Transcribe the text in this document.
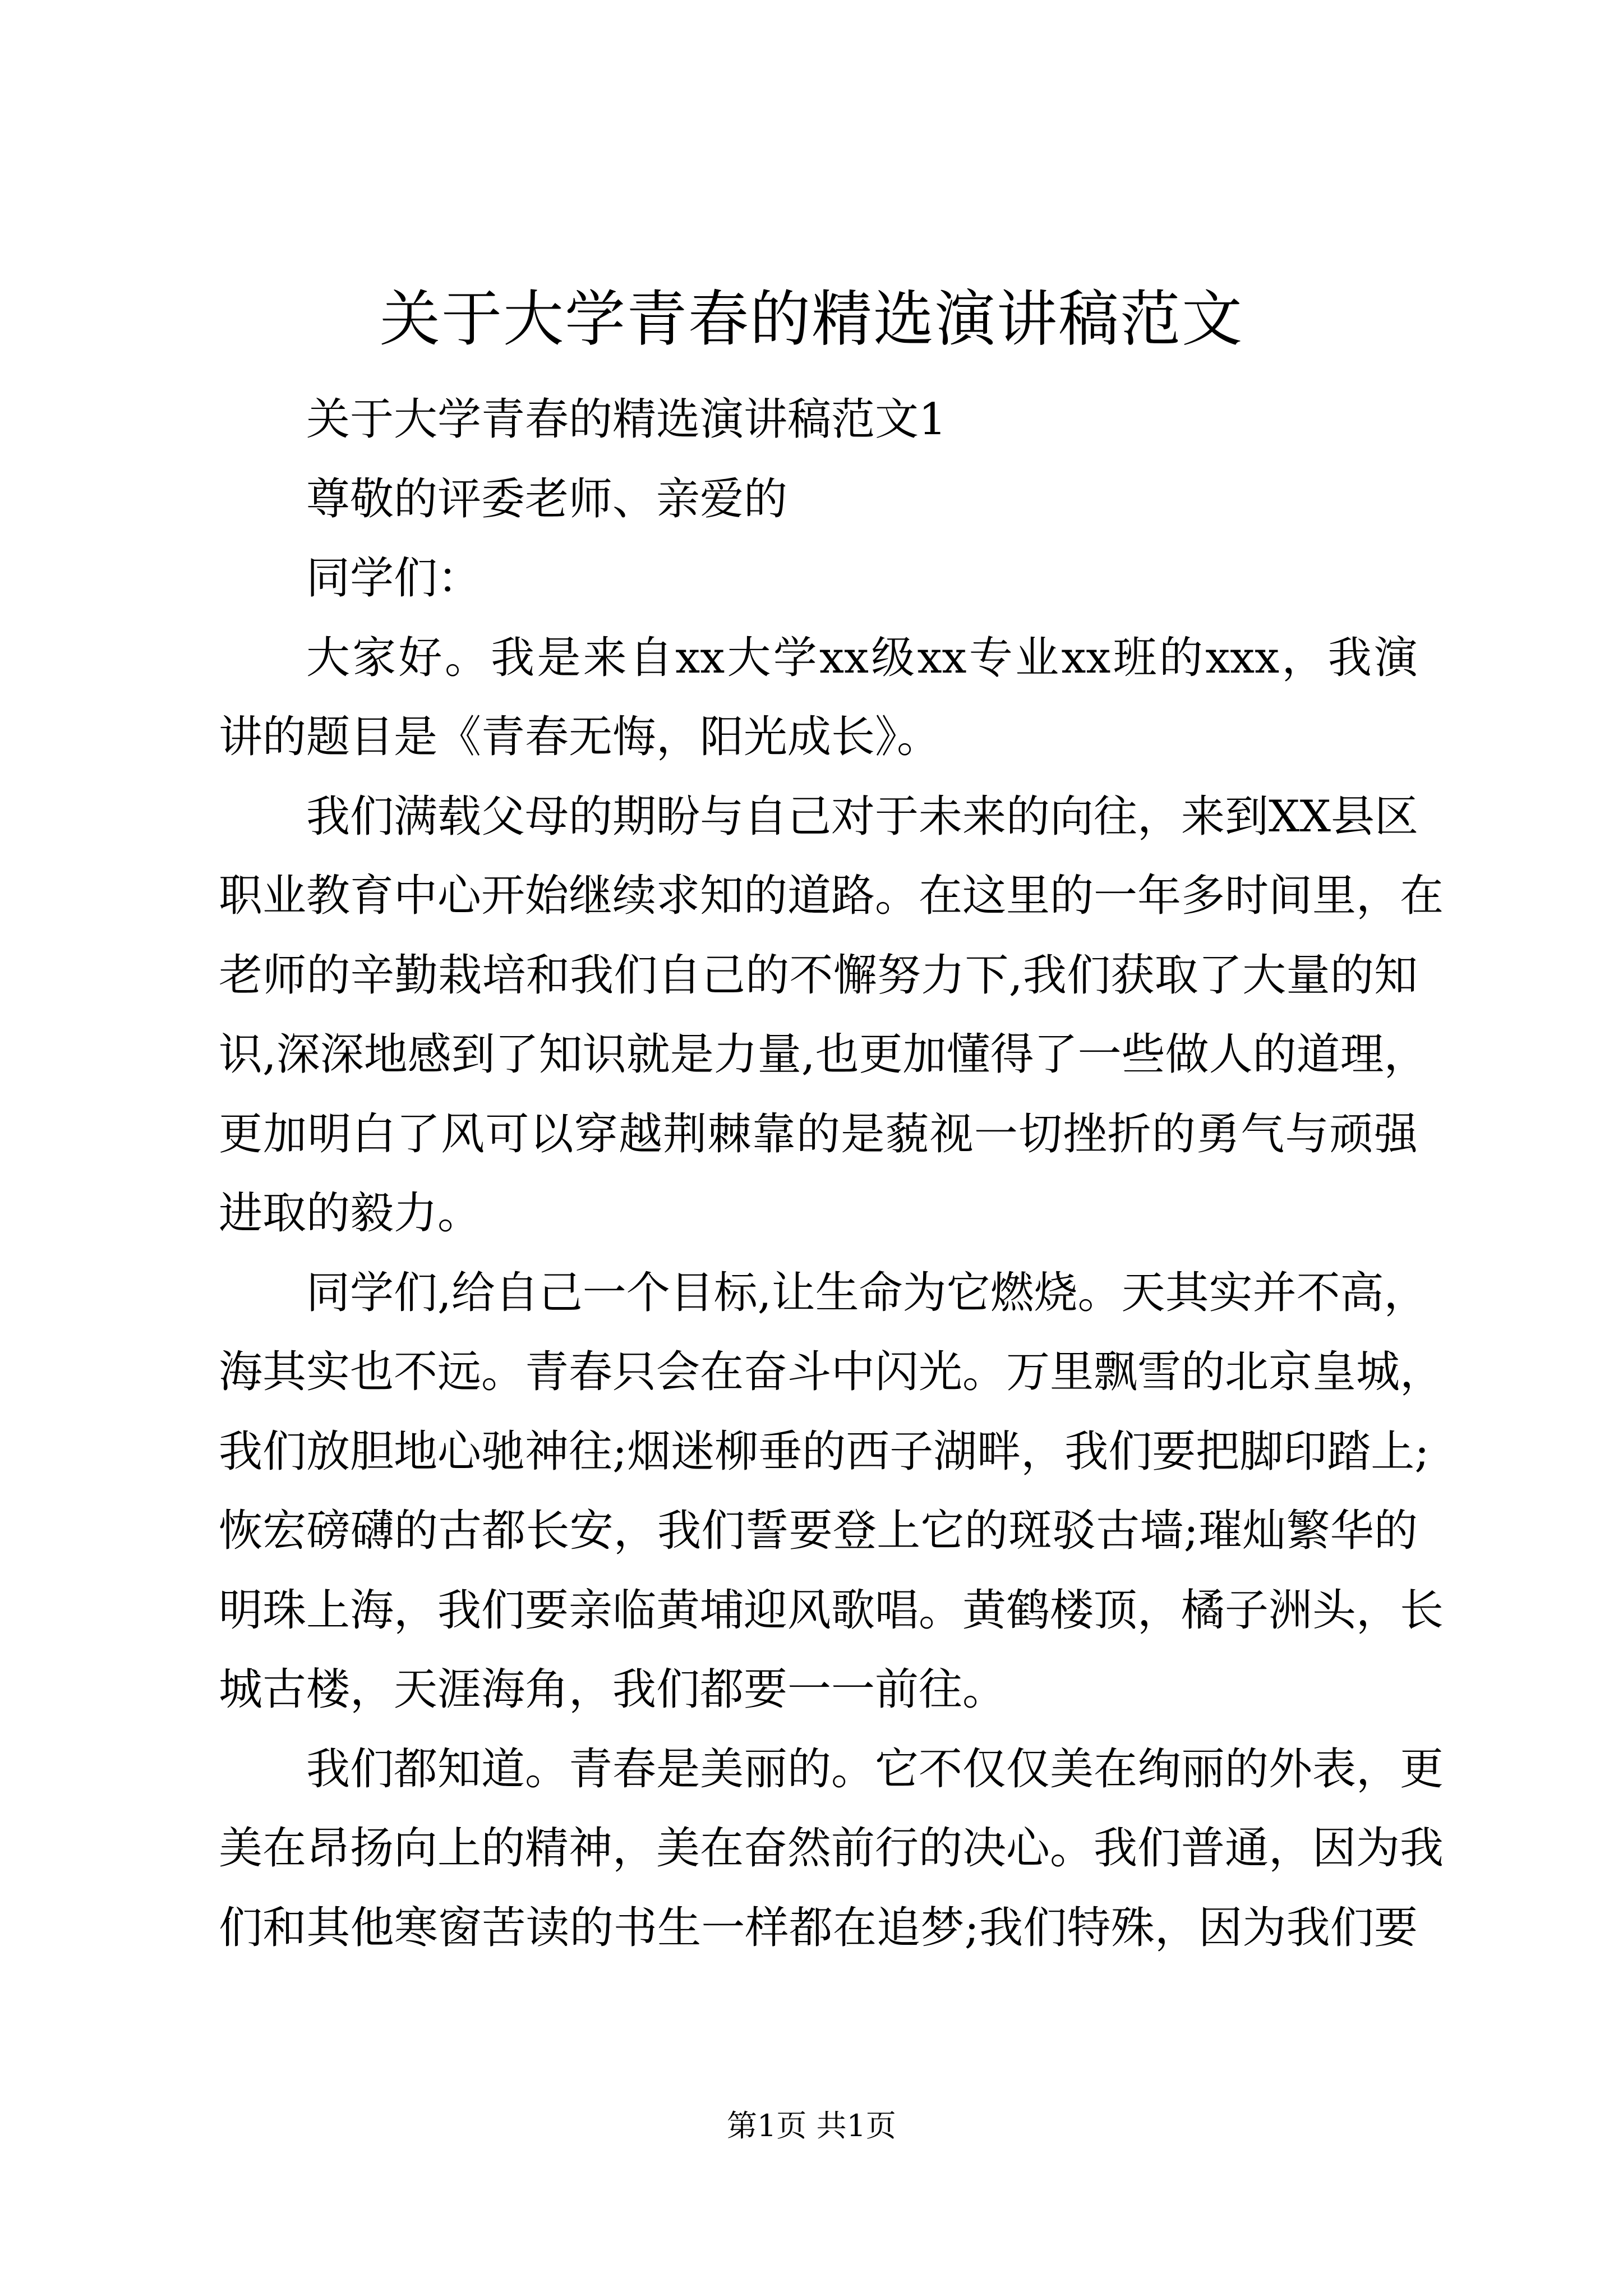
关于大学青春的精选演讲稿范文
关于大学青春的精选演讲稿范文1
尊敬的评委老师、亲爱的
同学们：
大家好。我是来自xx大学xx级xx专业xx班的xxx，我演
讲的题目是《青春无悔，阳光成长》。
我们满载父母的期盼与自己对于未来的向往，来到XX县区
职业教育中心开始继续求知的道路。在这里的一年多时间里，在
老师的辛勤栽培和我们自己的不懈努力下,我们获取了大量的知
识,深深地感到了知识就是力量,也更加懂得了一些做人的道理，
更加明白了风可以穿越荆棘靠的是藐视一切挫折的勇气与顽强
进取的毅力。
同学们,给自己一个目标,让生命为它燃烧。天其实并不高，
海其实也不远。青春只会在奋斗中闪光。万里飘雪的北京皇城，
我们放胆地心驰神往;烟迷柳垂的西子湖畔，我们要把脚印踏上;
恢宏磅礴的古都长安，我们誓要登上它的斑驳古墙;璀灿繁华的
明珠上海，我们要亲临黄埔迎风歌唱。黄鹤楼顶，橘子洲头，长
城古楼，天涯海角，我们都要一一前往。
我们都知道。青春是美丽的。它不仅仅美在绚丽的外表，更
美在昂扬向上的精神，美在奋然前行的决心。我们普通，因为我
们和其他寒窗苦读的书生一样都在追梦;我们特殊，因为我们要
第1页 共1页
